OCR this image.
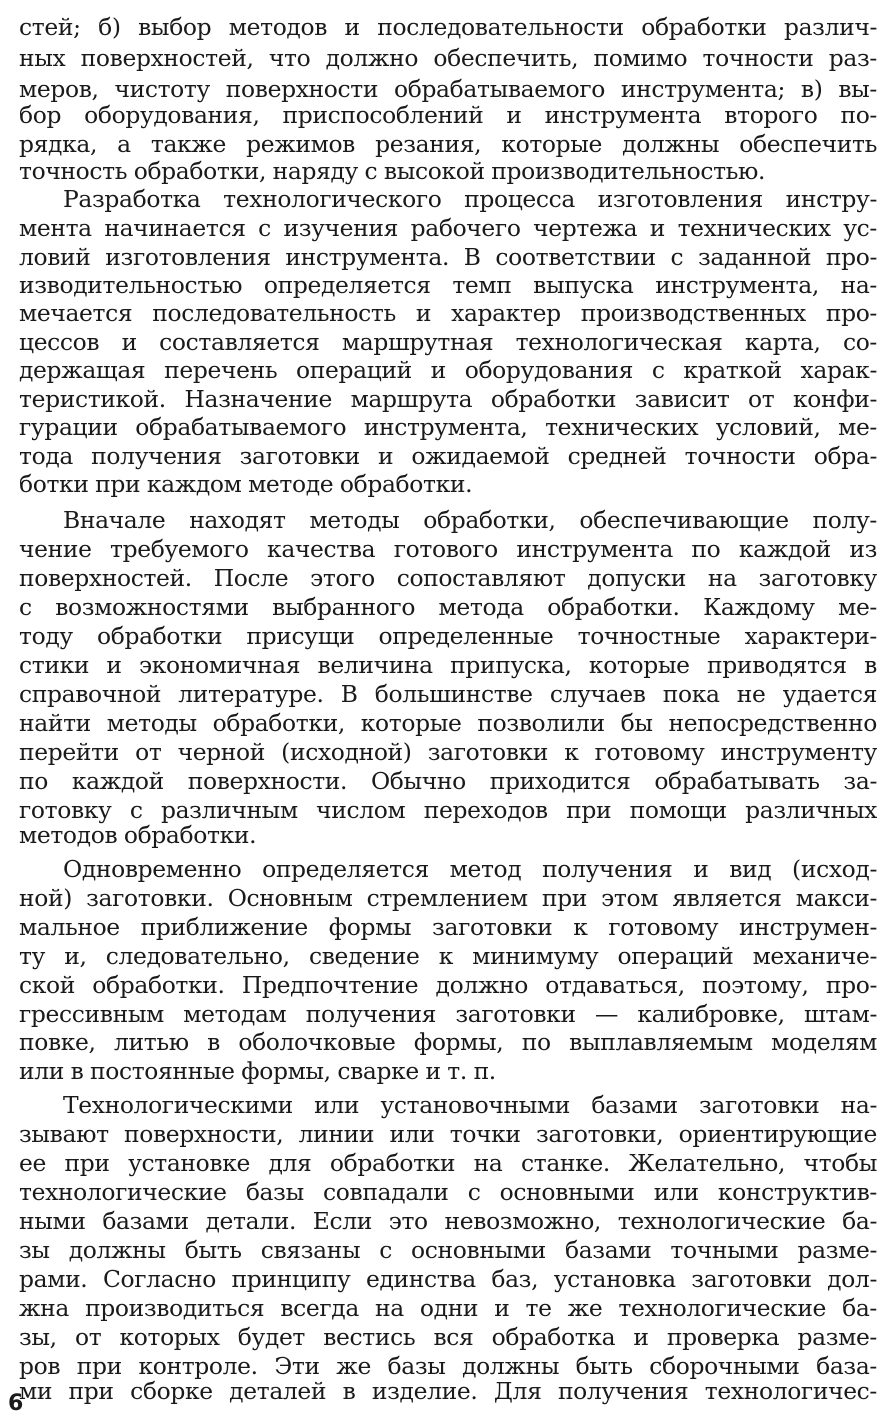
стей; б) выбор методов и последовательности обработки различ-
ных поверхностей, что должно обеспечить, помимо точности раз-
меров, чистоту поверхности обрабатываемого инструмента; в) вы-
бор оборудования, приспособлений и инструмента второго по-
рядка, а также режимов резания, которые должны обеспечить
точность обработки, наряду с высокой производительностью.
Разработка технологического процесса изготовления инстру-
мента начинается с изучения рабочего чертежа и технических ус-
ловий изготовления инструмента. В соответствии с заданной про-
изводительностью определяется темп выпуска инструмента, на-
мечается последовательность и характер производственных про-
цессов и составляется маршрутная технологическая карта, со-
держащая перечень операций и оборудования с краткой харак-
теристикой. Назначение маршрута обработки зависит от конфи-
гурации обрабатываемого инструмента, технических условий, ме-
тода получения заготовки и ожидаемой средней точности обра-
ботки при каждом методе обработки.
Вначале находят методы обработки, обеспечивающие полу-
чение требуемого качества готового инструмента по каждой из
поверхностей. После этого сопоставляют допуски на заготовку
с возможностями выбранного метода обработки. Каждому ме-
тоду обработки присущи определенные точностные характери-
стики и экономичная величина припуска, которые приводятся в
справочной литературе. В большинстве случаев пока не удается
найти методы обработки, которые позволили бы непосредственно
перейти от черной (исходной) заготовки к готовому инструменту
по каждой поверхности. Обычно приходится обрабатывать за-
готовку с различным числом переходов при помощи различных
методов обработки.
Одновременно определяется метод получения и вид (исход-
ной) заготовки. Основным стремлением при этом является макси-
мальное приближение формы заготовки к готовому инструмен-
ту и, следовательно, сведение к минимуму операций механиче-
ской обработки. Предпочтение должно отдаваться, поэтому, про-
грессивным методам получения заготовки — калибровке, штам-
повке, литью в оболочковые формы, по выплавляемым моделям
или в постоянные формы, сварке и т. п.
Технологическими или установочными базами заготовки на-
зывают поверхности, линии или точки заготовки, ориентирующие
ее при установке для обработки на станке. Желательно, чтобы
технологические базы совпадали с основными или конструктив-
ными базами детали. Если это невозможно, технологические ба-
зы должны быть связаны с основными базами точными разме-
рами. Согласно принципу единства баз, установка заготовки дол-
жна производиться всегда на одни и те же технологические ба-
зы, от которых будет вестись вся обработка и проверка разме-
ров при контроле. Эти же базы должны быть сборочными база-
ми при сборке деталей в изделие. Для получения технологичес-
6
